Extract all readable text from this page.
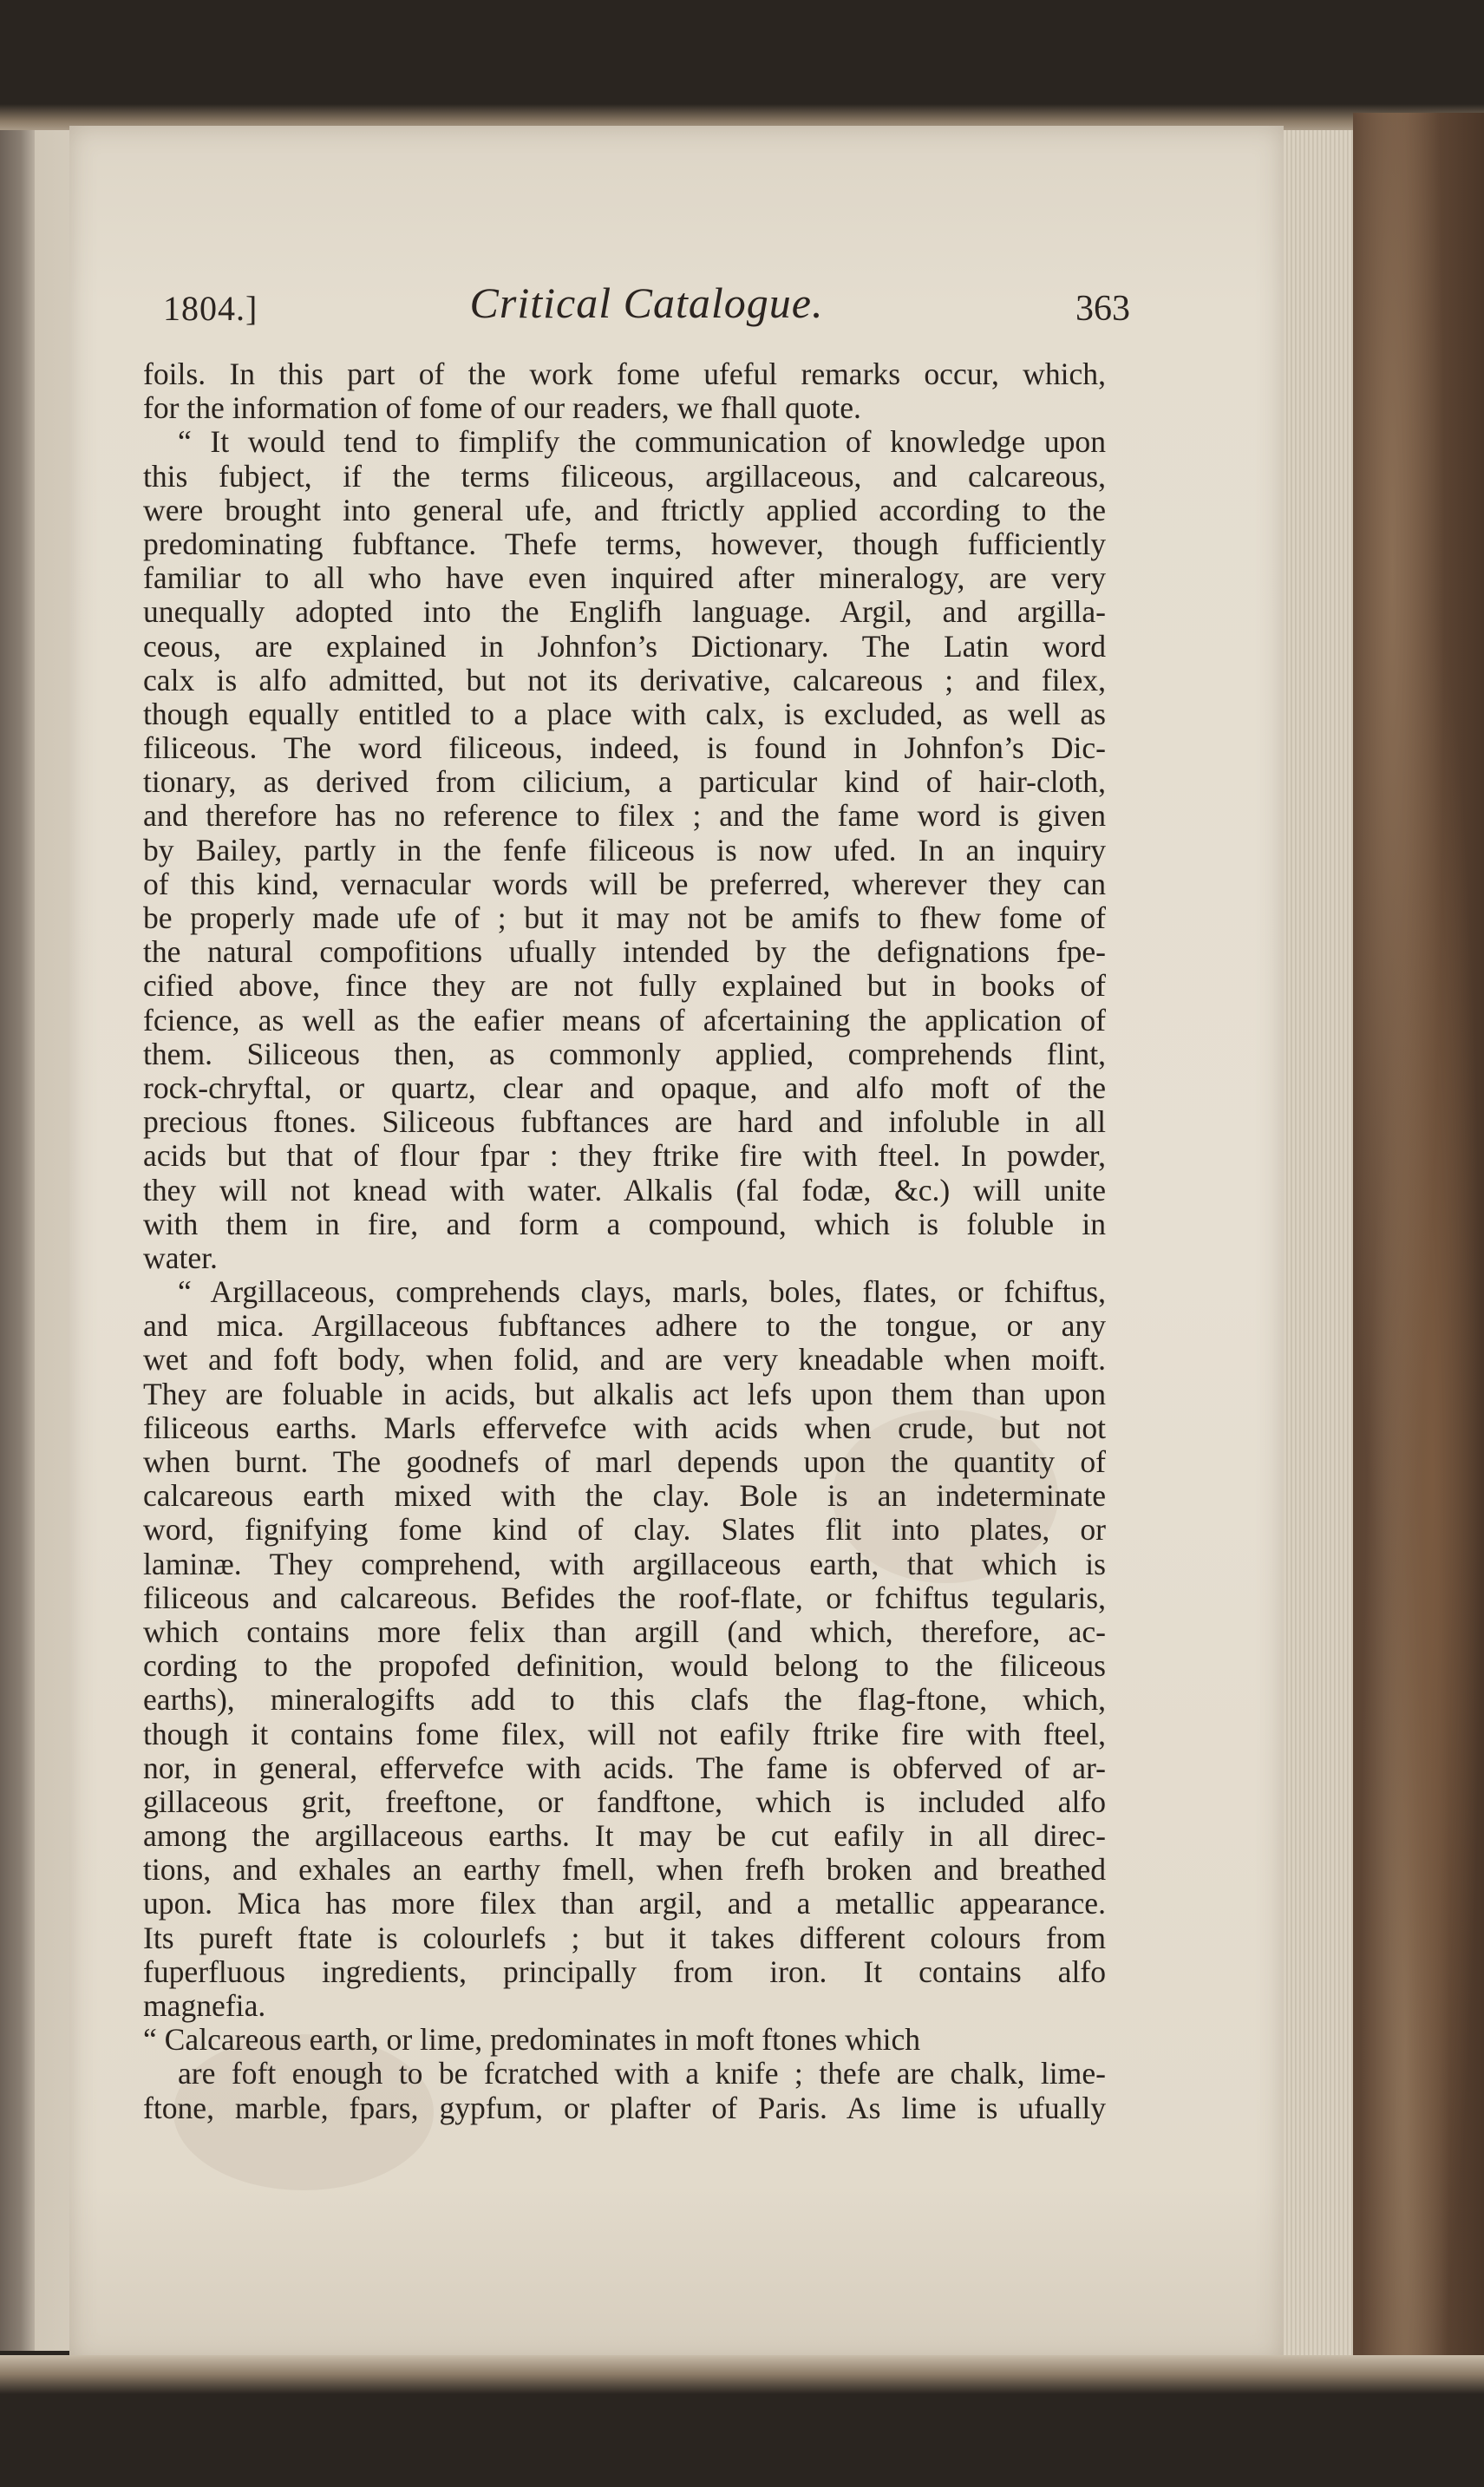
1804.]	Critical Catalogue.	363
foils. In this part of the work fome ufeful remarks occur, which,
for the information of fome of our readers, we fhall quote.
“ It would tend to fimplify the communication of knowledge upon
this fubject, if the terms filiceous, argillaceous, and calcareous,
were brought into general ufe, and ftrictly applied according to the
predominating fubftance. Thefe terms, however, though fufficiently
familiar to all who have even inquired after mineralogy, are very
unequally adopted into the Englifh language. Argil, and argilla-
ceous, are explained in Johnfon’s Dictionary. The Latin word
calx is alfo admitted, but not its derivative, calcareous ; and filex,
though equally entitled to a place with calx, is excluded, as well as
filiceous. The word filiceous, indeed, is found in Johnfon’s Dic-
tionary, as derived from cilicium, a particular kind of hair-cloth,
and therefore has no reference to filex ; and the fame word is given
by Bailey, partly in the fenfe filiceous is now ufed. In an inquiry
of this kind, vernacular words will be preferred, wherever they can
be properly made ufe of ; but it may not be amifs to fhew fome of
the natural compofitions ufually intended by the defignations fpe-
cified above, fince they are not fully explained but in books of
fcience, as well as the eafier means of afcertaining the application of
them. Siliceous then, as commonly applied, comprehends flint,
rock-chryftal, or quartz, clear and opaque, and alfo moft of the
precious ftones. Siliceous fubftances are hard and infoluble in all
acids but that of flour fpar : they ftrike fire with fteel. In powder,
they will not knead with water. Alkalis (fal fodæ, &c.) will unite
with them in fire, and form a compound, which is foluble in
water.
“ Argillaceous, comprehends clays, marls, boles, flates, or fchiftus,
and mica. Argillaceous fubftances adhere to the tongue, or any
wet and foft body, when folid, and are very kneadable when moift.
They are foluable in acids, but alkalis act lefs upon them than upon
filiceous earths. Marls effervefce with acids when crude, but not
when burnt. The goodnefs of marl depends upon the quantity of
calcareous earth mixed with the clay. Bole is an indeterminate
word, fignifying fome kind of clay. Slates flit into plates, or
laminæ. They comprehend, with argillaceous earth, that which is
filiceous and calcareous. Befides the roof-flate, or fchiftus tegularis,
which contains more felix than argill (and which, therefore, ac-
cording to the propofed definition, would belong to the filiceous
earths), mineralogifts add to this clafs the flag-ftone, which,
though it contains fome filex, will not eafily ftrike fire with fteel,
nor, in general, effervefce with acids. The fame is obferved of ar-
gillaceous grit, freeftone, or fandftone, which is included alfo
among the argillaceous earths. It may be cut eafily in all direc-
tions, and exhales an earthy fmell, when frefh broken and breathed
upon. Mica has more filex than argil, and a metallic appearance.
Its pureft ftate is colourlefs ; but it takes different colours from
fuperfluous ingredients, principally from iron. It contains alfo
magnefia.
“ Calcareous earth, or lime, predominates in moft ftones which
are foft enough to be fcratched with a knife ; thefe are chalk, lime-
ftone, marble, fpars, gypfum, or plafter of Paris. As lime is ufually
